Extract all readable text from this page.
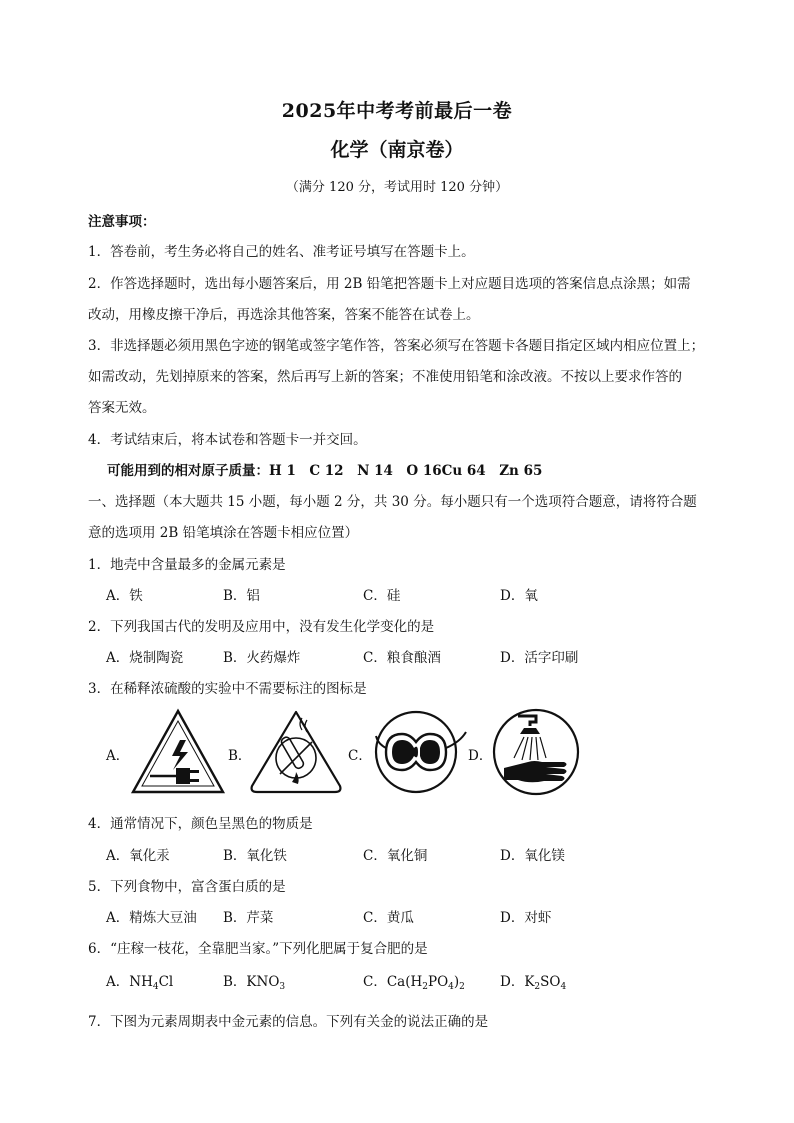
2025年中考考前最后一卷
化学（南京卷）
（满分 120 分，考试用时 120 分钟）
注意事项：
1．答卷前，考生务必将自己的姓名、准考证号填写在答题卡上。
2．作答选择题时，选出每小题答案后，用 2B 铅笔把答题卡上对应题目选项的答案信息点涂黑；如需
改动，用橡皮擦干净后，再选涂其他答案，答案不能答在试卷上。
3．非选择题必须用黑色字迹的钢笔或签字笔作答，答案必须写在答题卡各题目指定区域内相应位置上；
如需改动，先划掉原来的答案，然后再写上新的答案；不准使用铅笔和涂改液。不按以上要求作答的
答案无效。
4．考试结束后，将本试卷和答题卡一并交回。
可能用到的相对原子质量：H 1　C 12　N 14　O 16Cu 64　Zn 65
一、选择题（本大题共 15 小题，每小题 2 分，共 30 分。每小题只有一个选项符合题意，请将符合题
意的选项用 2B 铅笔填涂在答题卡相应位置）
1．地壳中含量最多的金属元素是
A．铁	B．铝	C．硅	D．氧
2．下列我国古代的发明及应用中，没有发生化学变化的是
A．烧制陶瓷	B．火药爆炸	C．粮食酿酒	D．活字印刷
3．在稀释浓硫酸的实验中不需要标注的图标是
A．	B．	C．	D．
4．通常情况下，颜色呈黑色的物质是
A．氧化汞	B．氧化铁	C．氧化铜	D．氧化镁
5．下列食物中，富含蛋白质的是
A．精炼大豆油 B．芹菜	C．黄瓜	D．对虾
6．“庄稼一枝花，全靠肥当家。”下列化肥属于复合肥的是
A．$NH_4Cl$	B．$KNO_3$	C．$Ca(H_2PO_4)_2$	D．$K_2SO_4$
7．下图为元素周期表中金元素的信息。下列有关金的说法正确的是
